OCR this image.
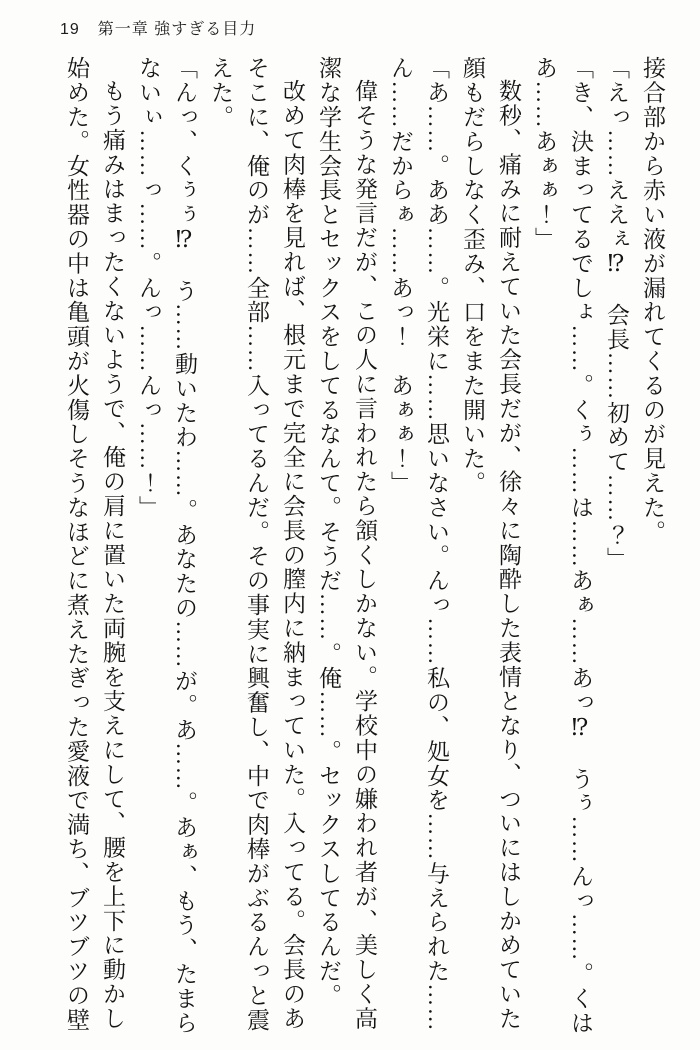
19 第一章 強すぎる目力

接合部から赤い液が漏れてくるのが見えた。

「えっ……ええぇ⁉　会長……初めて……？」

「き、決まってるでしょ……。くぅ……は……あぁ……あっ⁉　うぅ……んっ……。くはあ……あぁぁ！」

数秒、痛みに耐えていた会長だが、徐々に陶酔した表情となり、ついにはしかめていた顔もだらしなく歪み、口をまた開いた。

「あ……。ああ……。光栄に……思いなさい。んっ……私の、処女を……与えられた……ん……だからぁ……あっ！　あぁぁ！」

偉そうな発言だが、この人に言われたら頷くしかない。学校中の嫌われ者が、美しく高潔な学生会長とセックスをしてるなんて。そうだ……。俺……。セックスしてるんだ。

改めて肉棒を見れば、根元まで完全に会長の膣内に納まっていた。入ってる。会長のあそこに、俺のが……全部……入ってるんだ。その事実に興奮し、中で肉棒がぶるんっと震えた。

「んっ、くぅぅ⁉　う……動いたわ……。あなたの……が。あ……。あぁ、もう、たまらないぃ……っ……。んっ……んっ……！」

もう痛みはまったくないようで、俺の肩に置いた両腕を支えにして、腰を上下に動かし始めた。女性器の中は亀頭が火傷しそうなほどに煮えたぎった愛液で満ち、ブツブツの壁
